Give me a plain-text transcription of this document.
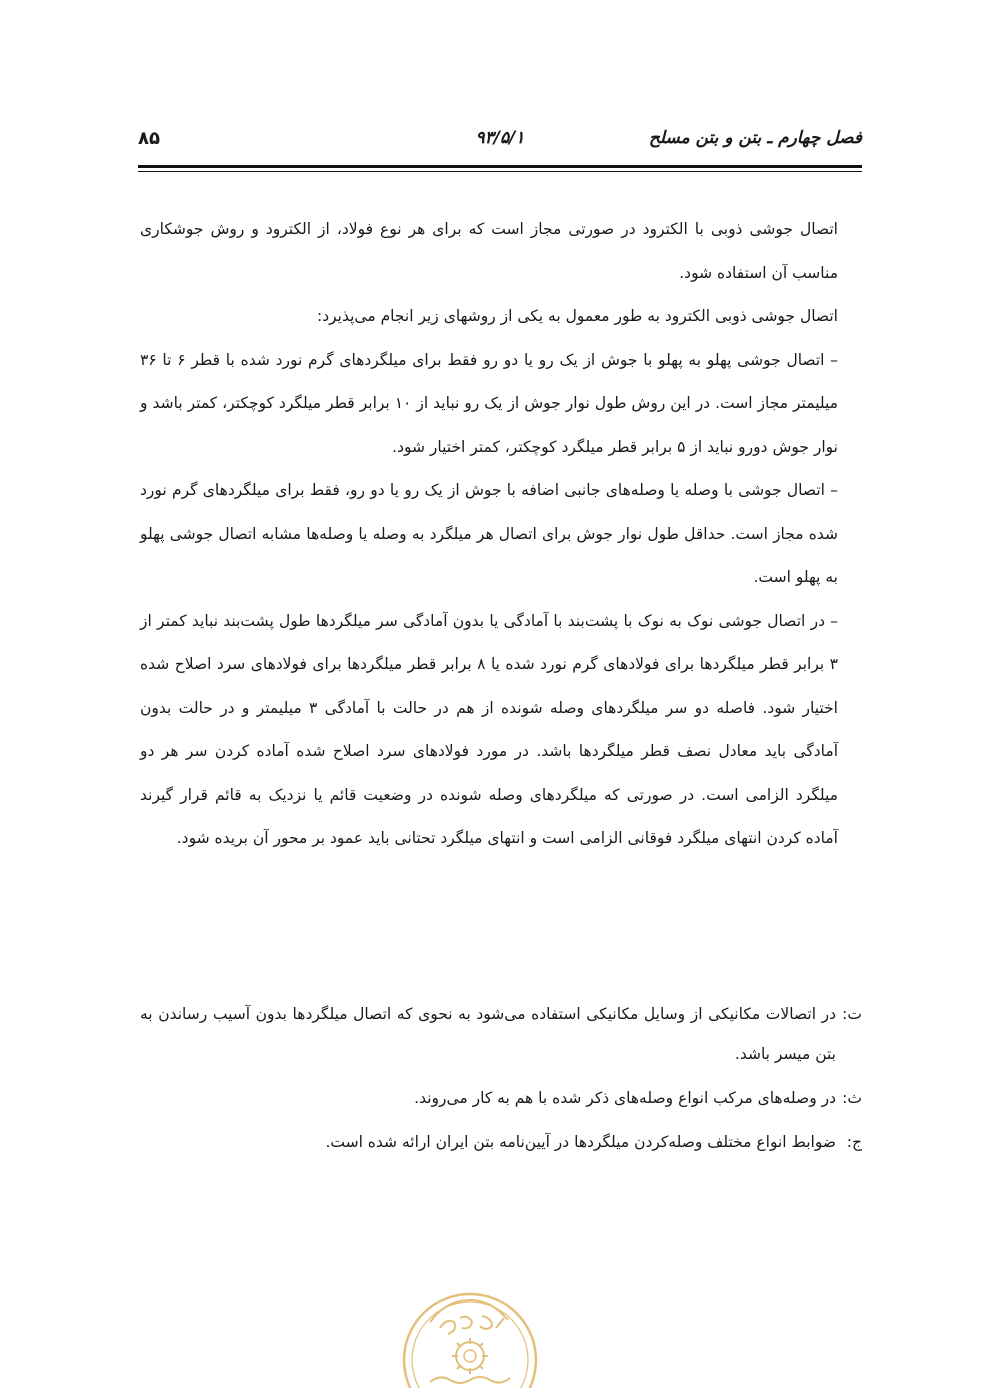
فصل چهارم ـ بتن و بتن مسلح
۹۳/۵/۱
۸۵

اتصال جوشی ذوبی با الکترود در صورتی مجاز است که برای هر نوع فولاد، از الکترود و روش جوشکاری مناسب آن استفاده شود.

اتصال جوشی ذوبی الکترود به طور معمول به یکی از روشهای زیر انجام می‌پذیرد:

– اتصال جوشی پهلو به پهلو با جوش از یک رو یا دو رو فقط برای میلگردهای گرم نورد شده با قطر ۶ تا ۳۶ میلیمتر مجاز است. در این روش طول نوار جوش از یک رو نباید از ۱۰ برابر قطر میلگرد کوچکتر، کمتر باشد و نوار جوش دورو نباید از ۵ برابر قطر میلگرد کوچکتر، کمتر اختیار شود.

– اتصال جوشی با وصله یا وصله‌های جانبی اضافه با جوش از یک رو یا دو رو، فقط برای میلگردهای گرم نورد شده مجاز است. حداقل طول نوار جوش برای اتصال هر میلگرد به وصله یا وصله‌ها مشابه اتصال جوشی پهلو به پهلو است.

– در اتصال جوشی نوک به نوک با پشت‌بند با آمادگی یا بدون آمادگی سر میلگردها طول پشت‌بند نباید کمتر از ۳ برابر قطر میلگردها برای فولادهای گرم نورد شده یا ۸ برابر قطر میلگردها برای فولادهای سرد اصلاح شده اختیار شود. فاصله دو سر میلگردهای وصله شونده از هم در حالت با آمادگی ۳ میلیمتر و در حالت بدون آمادگی باید معادل نصف قطر میلگردها باشد. در مورد فولادهای سرد اصلاح شده آماده کردن سر هر دو میلگرد الزامی است. در صورتی که میلگردهای وصله شونده در وضعیت قائم یا نزدیک به قائم قرار گیرند آماده کردن انتهای میلگرد فوقانی الزامی است و انتهای میلگرد تحتانی باید عمود بر محور آن بریده شود.

ت:
در اتصالات مکانیکی از وسایل مکانیکی استفاده می‌شود به نحوی که اتصال میلگردها بدون آسیب رساندن به بتن میسر باشد.
ث:
در وصله‌های مرکب انواع وصله‌های ذکر شده با هم به کار می‌روند.
ج:
ضوابط انواع مختلف وصله‌کردن میلگردها در آیین‌نامه بتن ایران ارائه شده است.
